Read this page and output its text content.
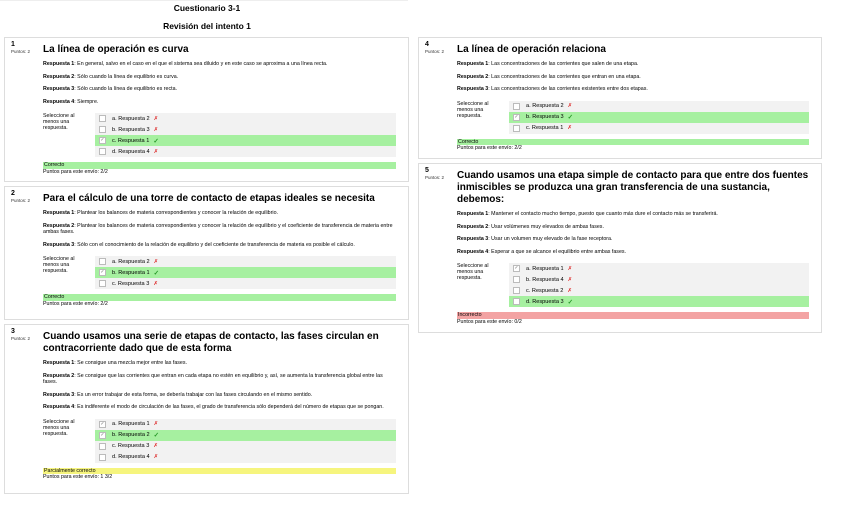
Cuestionario 3-1
Revisión del intento 1
1
Puntos: 2	La línea de operación es curva
Respuesta 1: En general, salvo en el caso en el que el sistema sea diluido y en este caso se aproxima a una línea recta.
Respuesta 2: Sólo cuando la línea de equilibrio es curva.
Respuesta 3: Sólo cuando la línea de equilibrio es recta.
Respuesta 4: Siempre.
Seleccione al menos una respuesta.
a. Respuesta 2 ✗
b. Respuesta 3 ✗
✓ c. Respuesta 1 ✓
d. Respuesta 4 ✗
Correcto
Puntos para este envío: 2/2
2
Puntos: 2	Para el cálculo de una torre de contacto de etapas ideales se necesita
Respuesta 1: Plantear los balances de materia correspondientes y conocer la relación de equilibrio.
Respuesta 2: Plantear los balances de materia correspondientes y conocer la relación de equilibrio y el coeficiente de transferencia de materia entre ambas fases.
Respuesta 3: Sólo con el conocimiento de la relación de equilibrio y del coeficiente de transferencia de materia es posible el cálculo.
Seleccione al menos una respuesta.
a. Respuesta 2 ✗
✓ b. Respuesta 1 ✓
c. Respuesta 3 ✗
Correcto
Puntos para este envío: 2/2
3
Puntos: 2	Cuando usamos una serie de etapas de contacto, las fases circulan en contracorriente dado que de esta forma
Respuesta 1: Se consigue una mezcla mejor entre las fases.
Respuesta 2: Se consigue que las corrientes que entran en cada etapa no estén en equilibrio y, así, se aumenta la transferencia global entre las fases.
Respuesta 3: Es un error trabajar de esta forma, se debería trabajar con las fases circulando en el mismo sentido.
Respuesta 4: Es indiferente el modo de circulación de las fases, el grado de transferencia sólo dependerá del número de etapas que se pongan.
Seleccione al menos una respuesta.
✓ a. Respuesta 1 ✗
✓ b. Respuesta 2 ✓
c. Respuesta 3 ✗
d. Respuesta 4 ✗
Parcialmente correcto
Puntos para este envío: 1 3/2
4
Puntos: 2	La línea de operación relaciona
Respuesta 1: Las concentraciones de las corrientes que salen de una etapa.
Respuesta 2: Las concentraciones de las corrientes que entran en una etapa.
Respuesta 3: Las concentraciones de las corrientes existentes entre dos etapas.
Seleccione al menos una respuesta.
a. Respuesta 2 ✗
✓ b. Respuesta 3 ✓
c. Respuesta 1 ✗
Correcto
Puntos para este envío: 2/2
5
Puntos: 2	Cuando usamos una etapa simple de contacto para que entre dos fuentes inmiscibles se produzca una gran transferencia de una sustancia, debemos:
Respuesta 1: Mantener el contacto mucho tiempo, puesto que cuanto más dure el contacto más se transferirá.
Respuesta 2: Usar volúmenes muy elevados de ambas fases.
Respuesta 3: Usar un volumen muy elevado de la fase receptora.
Respuesta 4: Esperar a que se alcance el equilibrio entre ambas fases.
Seleccione al menos una respuesta.
✓ a. Respuesta 1 ✗
b. Respuesta 4 ✗
c. Respuesta 2 ✗
d. Respuesta 3 ✓
Incorrecto
Puntos para este envío: 0/2
